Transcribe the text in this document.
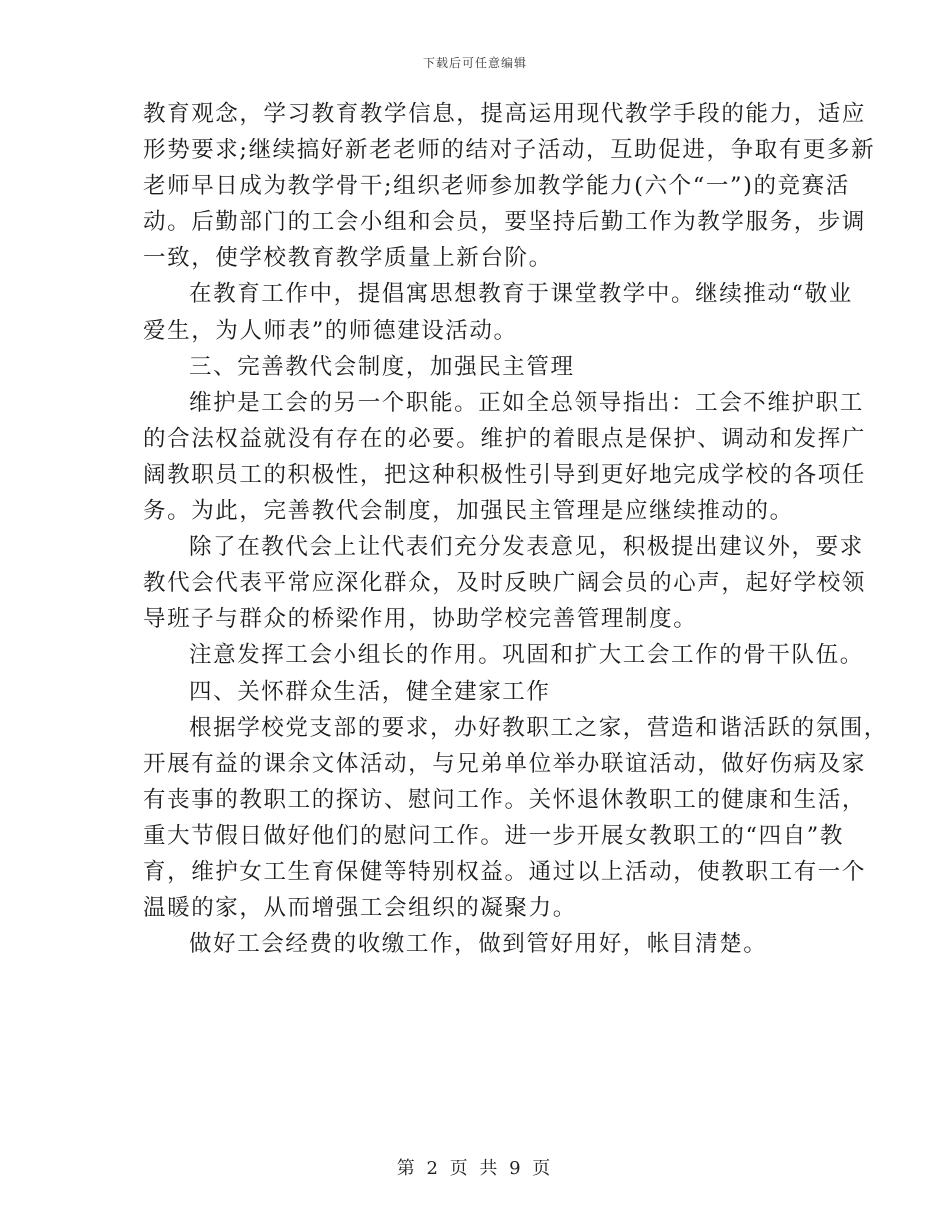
下载后可任意编辑
教育观念，学习教育教学信息，提高运用现代教学手段的能力，适应
形势要求;继续搞好新老老师的结对子活动，互助促进，争取有更多新
老师早日成为教学骨干;组织老师参加教学能力(六个“一”)的竞赛活
动。后勤部门的工会小组和会员，要坚持后勤工作为教学服务，步调
一致，使学校教育教学质量上新台阶。
在教育工作中，提倡寓思想教育于课堂教学中。继续推动“敬业
爱生，为人师表”的师德建设活动。
三、完善教代会制度，加强民主管理
维护是工会的另一个职能。正如全总领导指出：工会不维护职工
的合法权益就没有存在的必要。维护的着眼点是保护、调动和发挥广
阔教职员工的积极性，把这种积极性引导到更好地完成学校的各项任
务。为此，完善教代会制度，加强民主管理是应继续推动的。
除了在教代会上让代表们充分发表意见，积极提出建议外，要求
教代会代表平常应深化群众，及时反映广阔会员的心声，起好学校领
导班子与群众的桥梁作用，协助学校完善管理制度。
注意发挥工会小组长的作用。巩固和扩大工会工作的骨干队伍。
四、关怀群众生活，健全建家工作
根据学校党支部的要求，办好教职工之家，营造和谐活跃的氛围，
开展有益的课余文体活动，与兄弟单位举办联谊活动，做好伤病及家
有丧事的教职工的探访、慰问工作。关怀退休教职工的健康和生活，
重大节假日做好他们的慰问工作。进一步开展女教职工的“四自”教
育，维护女工生育保健等特别权益。通过以上活动，使教职工有一个
温暖的家，从而增强工会组织的凝聚力。
做好工会经费的收缴工作，做到管好用好，帐目清楚。
第 2 页 共 9 页
